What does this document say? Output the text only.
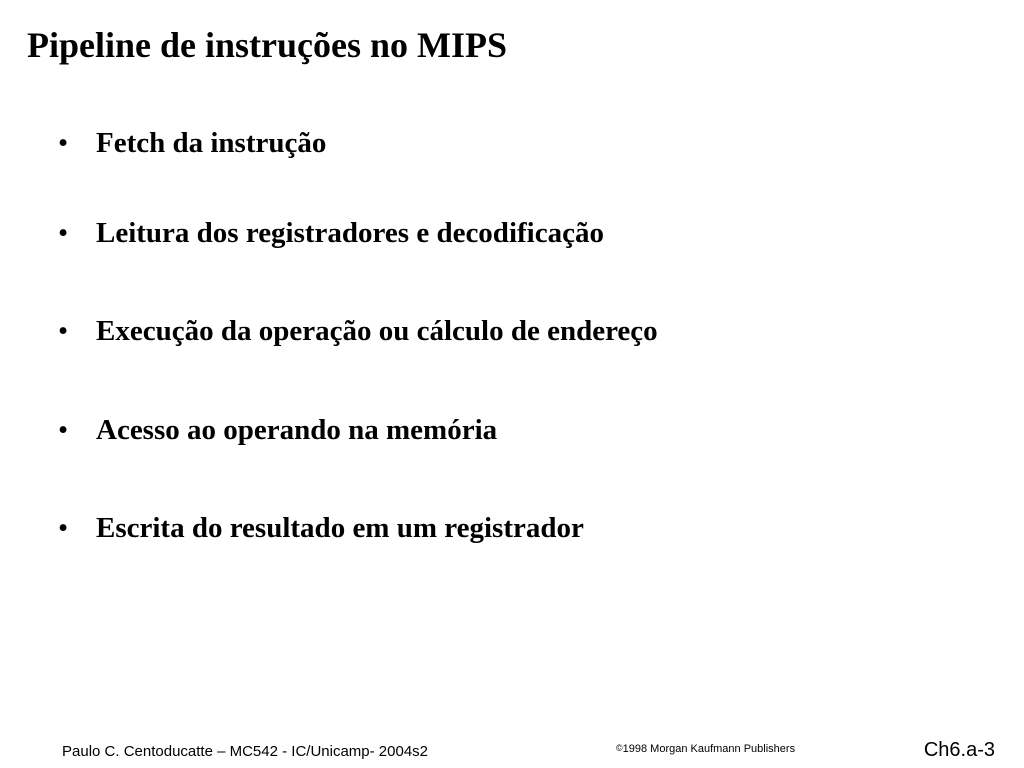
Pipeline de instruções no MIPS
• Fetch da instrução
• Leitura dos registradores e decodificação
• Execução da operação ou cálculo de endereço
• Acesso ao operando na memória
• Escrita do resultado em um registrador
Paulo C. Centoducatte – MC542 - IC/Unicamp- 2004s2	©1998 Morgan Kaufmann Publishers	Ch6.a-3
